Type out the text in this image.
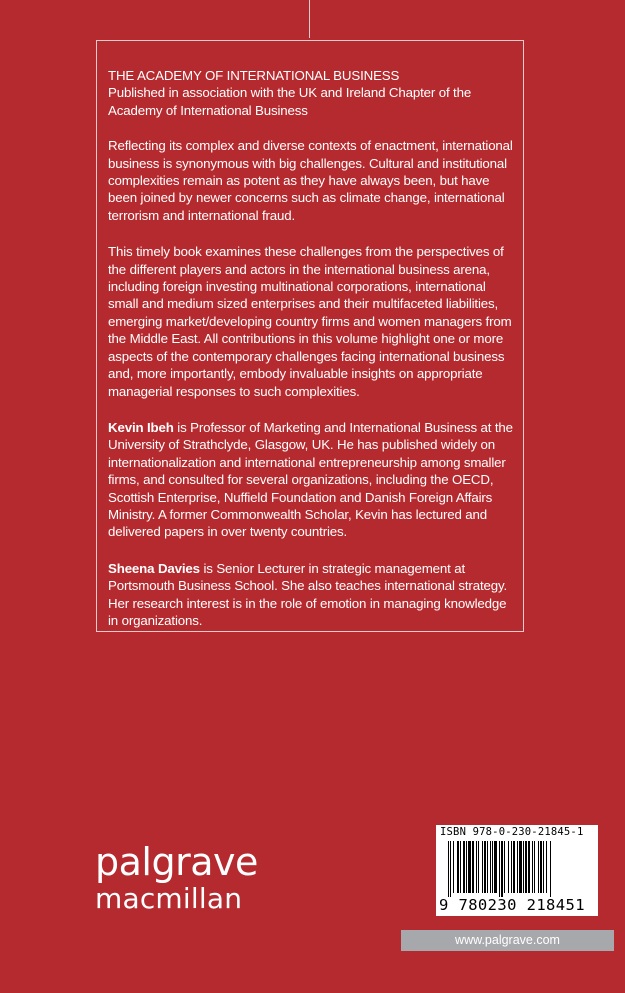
THE ACADEMY OF INTERNATIONAL BUSINESS
Published in association with the UK and Ireland Chapter of the Academy of International Business

Reflecting its complex and diverse contexts of enactment, international business is synonymous with big challenges. Cultural and institutional complexities remain as potent as they have always been, but have been joined by newer concerns such as climate change, international terrorism and international fraud.

This timely book examines these challenges from the perspectives of the different players and actors in the international business arena, including foreign investing multinational corporations, international small and medium sized enterprises and their multifaceted liabilities, emerging market/developing country firms and women managers from the Middle East. All contributions in this volume highlight one or more aspects of the contemporary challenges facing international business and, more importantly, embody invaluable insights on appropriate managerial responses to such complexities.

Kevin Ibeh is Professor of Marketing and International Business at the University of Strathclyde, Glasgow, UK. He has published widely on internationalization and international entrepreneurship among smaller firms, and consulted for several organizations, including the OECD, Scottish Enterprise, Nuffield Foundation and Danish Foreign Affairs Ministry. A former Commonwealth Scholar, Kevin has lectured and delivered papers in over twenty countries.

Sheena Davies is Senior Lecturer in strategic management at Portsmouth Business School. She also teaches international strategy. Her research interest is in the role of emotion in managing knowledge in organizations.

palgrave
macmillan
ISBN 978-0-230-21845-1
9 780230 218451
www.palgrave.com
